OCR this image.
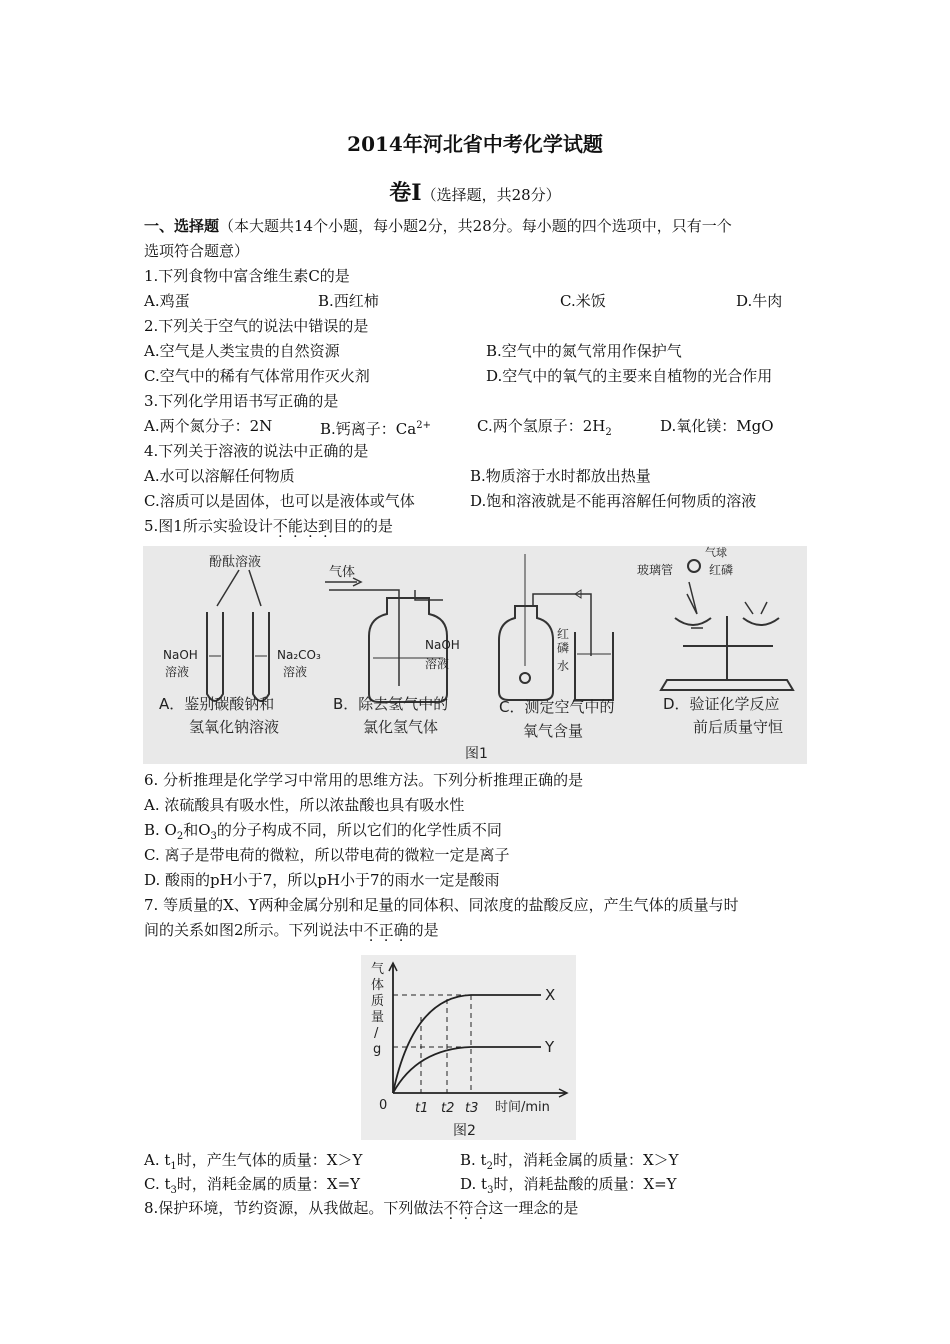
2014年河北省中考化学试题
卷Ⅰ（选择题，共28分）
一、选择题（本大题共14个小题，每小题2分，共28分。每小题的四个选项中，只有一个
选项符合题意）
1.下列食物中富含维生素C的是
A.鸡蛋	B.西红柿	C.米饭	D.牛肉
2.下列关于空气的说法中错误的是
A.空气是人类宝贵的自然资源	B.空气中的氮气常用作保护气
C.空气中的稀有气体常用作灭火剂	D.空气中的氧气的主要来自植物的光合作用
3.下列化学用语书写正确的是
A.两个氮分子：2N	B.钙离子：$Ca^{2+}$	C.两个氢原子：$2H_2$	D.氧化镁：MgO
4.下列关于溶液的说法中正确的是
A.水可以溶解任何物质	B.物质溶于水时都放出热量
C.溶质可以是固体，也可以是液体或气体	D.饱和溶液就是不能再溶解任何物质的溶液
5.图1所示实验设计不能达到目的的是
酚酞溶液
NaOH
溶液
Na₂CO₃
溶液
A．鉴别碳酸钠和
氢氧化钠溶液
气体
NaOH
溶液
B．除去氢气中的
氯化氢气体
红
磷
水
C．测定空气中的
氧气含量
气球
玻璃管	红磷
D．验证化学反应
前后质量守恒
图1
6. 分析推理是化学学习中常用的思维方法。下列分析推理正确的是
A. 浓硫酸具有吸水性，所以浓盐酸也具有吸水性
B. $O_2$和$O_3$的分子构成不同，所以它们的化学性质不同
C. 离子是带电荷的微粒，所以带电荷的微粒一定是离子
D. 酸雨的pH小于7，所以pH小于7的雨水一定是酸雨
7. 等质量的X、Y两种金属分别和足量的同体积、同浓度的盐酸反应，产生气体的质量与时
间的关系如图2所示。下列说法中不正确的是
气
体
质
量
/
g
0 t1 t2 t3 时间/min
X
Y
图2
A. $t_1$时，产生气体的质量：X＞Y	B. $t_2$时，消耗金属的质量：X＞Y
C. $t_3$时，消耗金属的质量：X=Y	D. $t_3$时，消耗盐酸的质量：X=Y
8.保护环境，节约资源，从我做起。下列做法不符合这一理念的是
